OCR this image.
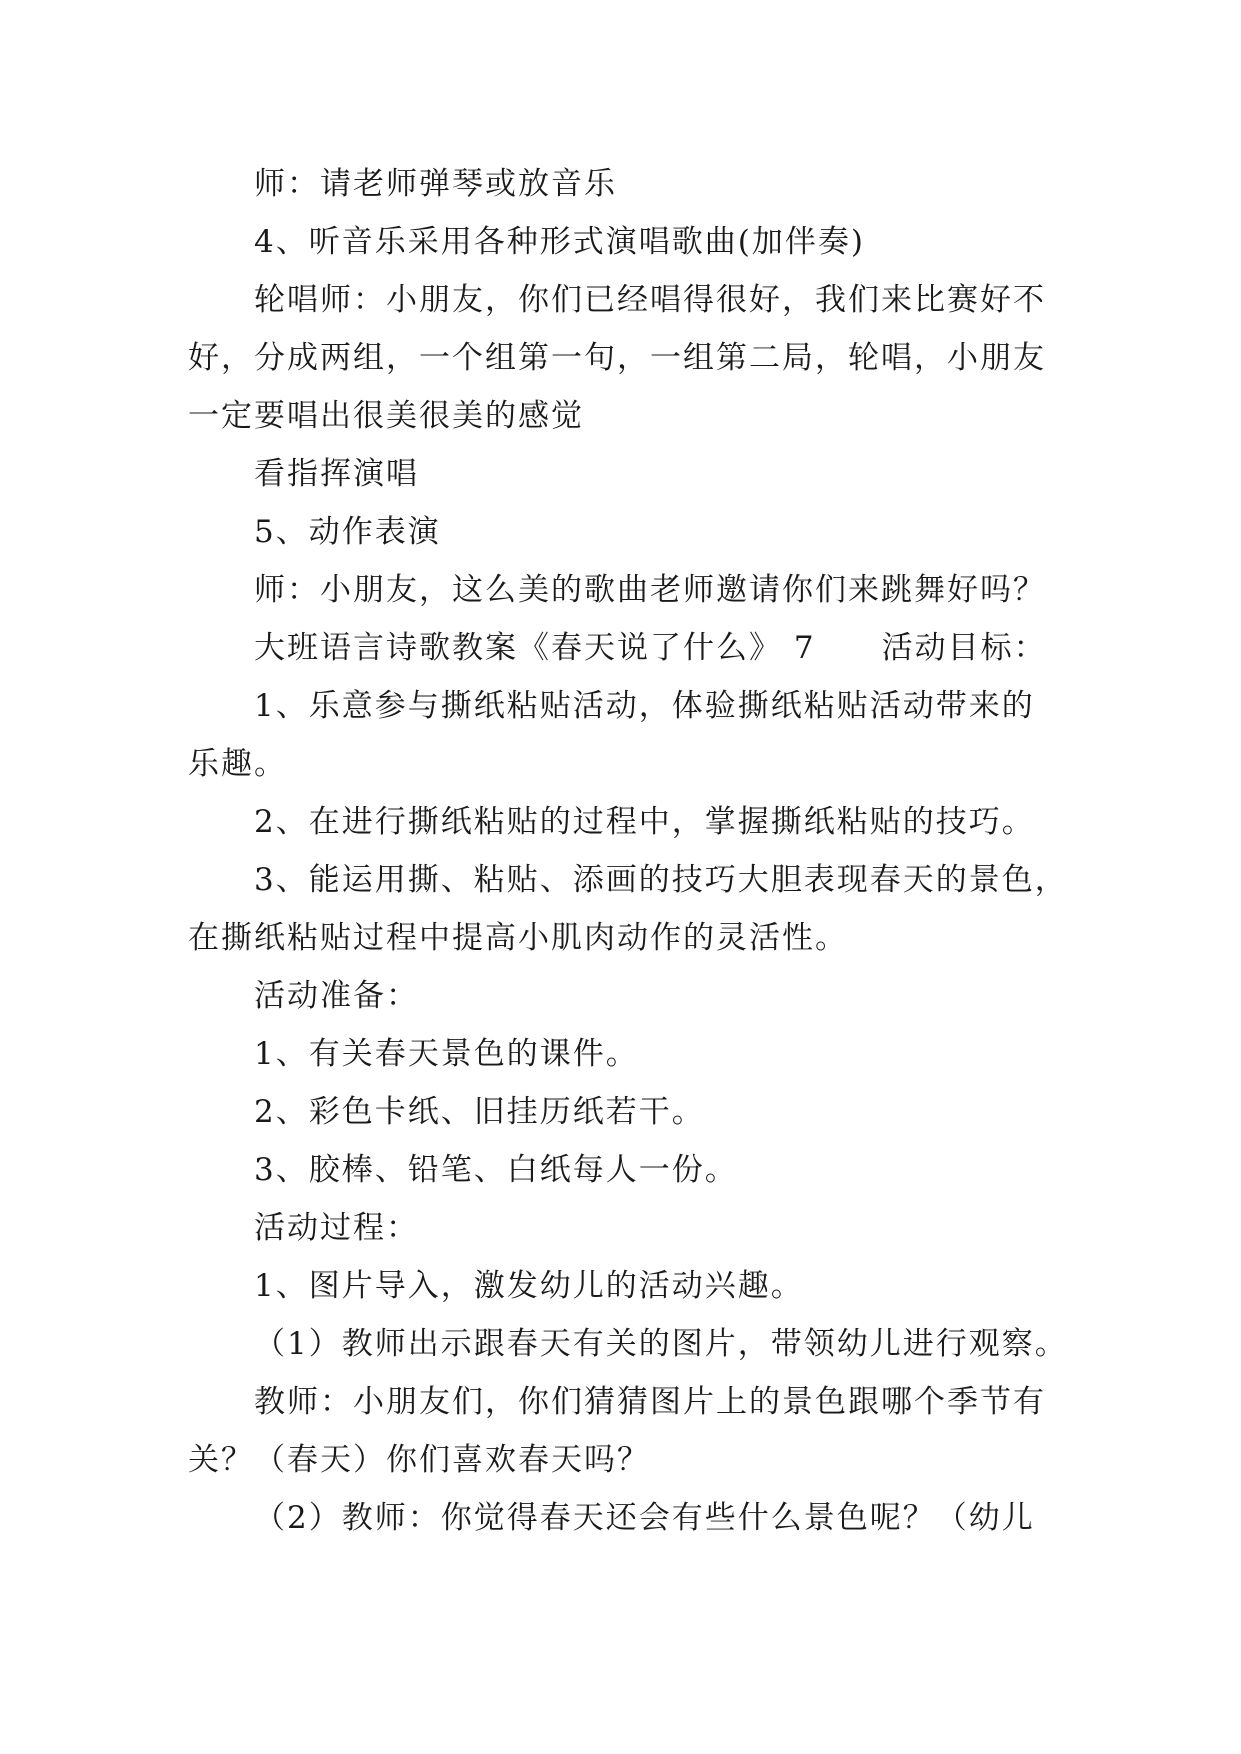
师：请老师弹琴或放音乐
4、听音乐采用各种形式演唱歌曲(加伴奏)
轮唱师：小朋友，你们已经唱得很好，我们来比赛好不
好，分成两组，一个组第一句，一组第二局，轮唱，小朋友
一定要唱出很美很美的感觉
看指挥演唱
5、动作表演
师：小朋友，这么美的歌曲老师邀请你们来跳舞好吗？
大班语言诗歌教案《春天说了什么》 7　　活动目标：
1、乐意参与撕纸粘贴活动，体验撕纸粘贴活动带来的
乐趣。
2、在进行撕纸粘贴的过程中，掌握撕纸粘贴的技巧。
3、能运用撕、粘贴、添画的技巧大胆表现春天的景色，
在撕纸粘贴过程中提高小肌肉动作的灵活性。
活动准备：
1、有关春天景色的课件。
2、彩色卡纸、旧挂历纸若干。
3、胶棒、铅笔、白纸每人一份。
活动过程：
1、图片导入，激发幼儿的活动兴趣。
（1）教师出示跟春天有关的图片，带领幼儿进行观察。
教师：小朋友们，你们猜猜图片上的景色跟哪个季节有
关？（春天）你们喜欢春天吗？
（2）教师：你觉得春天还会有些什么景色呢？（幼儿
